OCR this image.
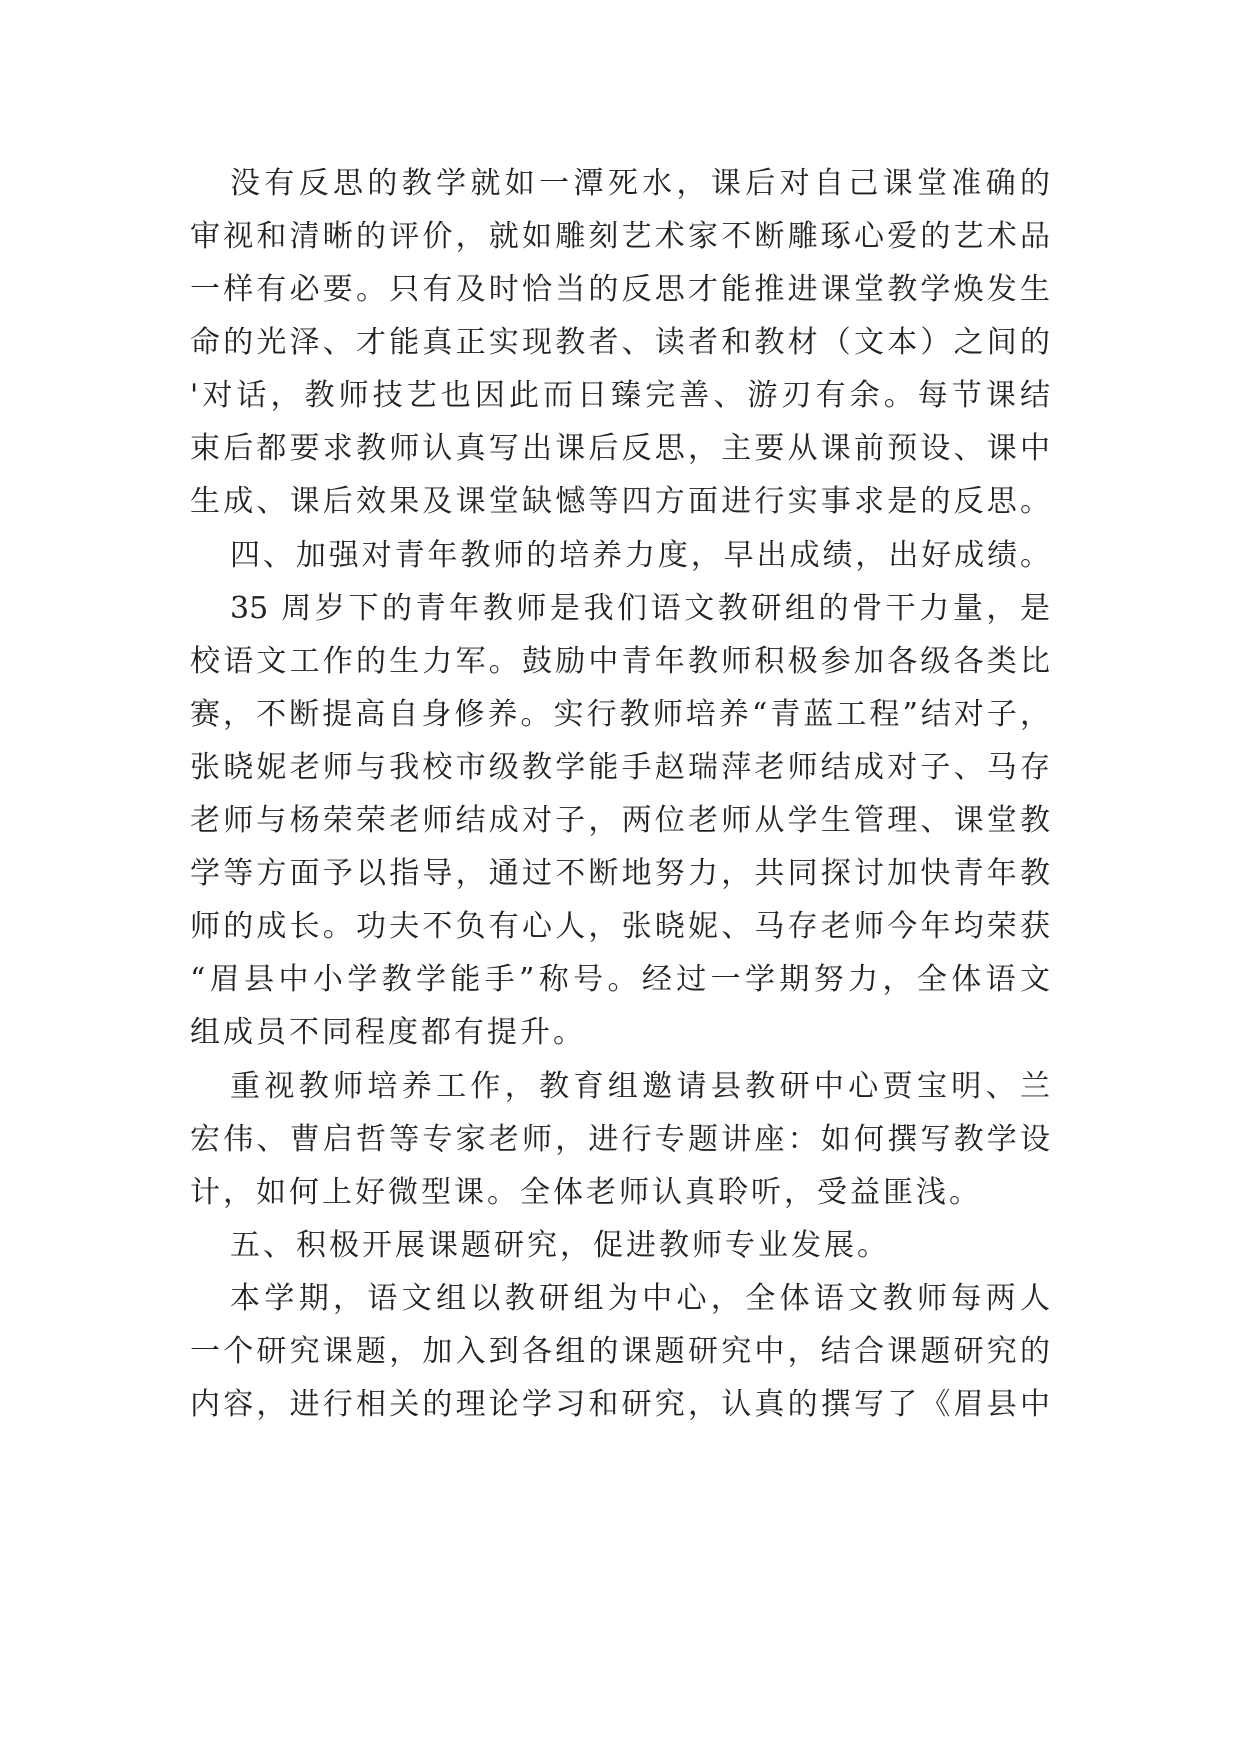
没有反思的教学就如一潭死水，课后对自己课堂准确的
审视和清晰的评价，就如雕刻艺术家不断雕琢心爱的艺术品
一样有必要。只有及时恰当的反思才能推进课堂教学焕发生
命的光泽、才能真正实现教者、读者和教材（文本）之间的
'对话，教师技艺也因此而日臻完善、游刃有余。每节课结
束后都要求教师认真写出课后反思，主要从课前预设、课中
生成、课后效果及课堂缺憾等四方面进行实事求是的反思。
四、加强对青年教师的培养力度，早出成绩，出好成绩。
35 周岁下的青年教师是我们语文教研组的骨干力量，是
校语文工作的生力军。鼓励中青年教师积极参加各级各类比
赛，不断提高自身修养。实行教师培养“青蓝工程”结对子，
张晓妮老师与我校市级教学能手赵瑞萍老师结成对子、马存
老师与杨荣荣老师结成对子，两位老师从学生管理、课堂教
学等方面予以指导，通过不断地努力，共同探讨加快青年教
师的成长。功夫不负有心人，张晓妮、马存老师今年均荣获
“眉县中小学教学能手”称号。经过一学期努力，全体语文
组成员不同程度都有提升。
重视教师培养工作，教育组邀请县教研中心贾宝明、兰
宏伟、曹启哲等专家老师，进行专题讲座：如何撰写教学设
计，如何上好微型课。全体老师认真聆听，受益匪浅。
五、积极开展课题研究，促进教师专业发展。
本学期，语文组以教研组为中心，全体语文教师每两人
一个研究课题，加入到各组的课题研究中，结合课题研究的
内容，进行相关的理论学习和研究，认真的撰写了《眉县中
